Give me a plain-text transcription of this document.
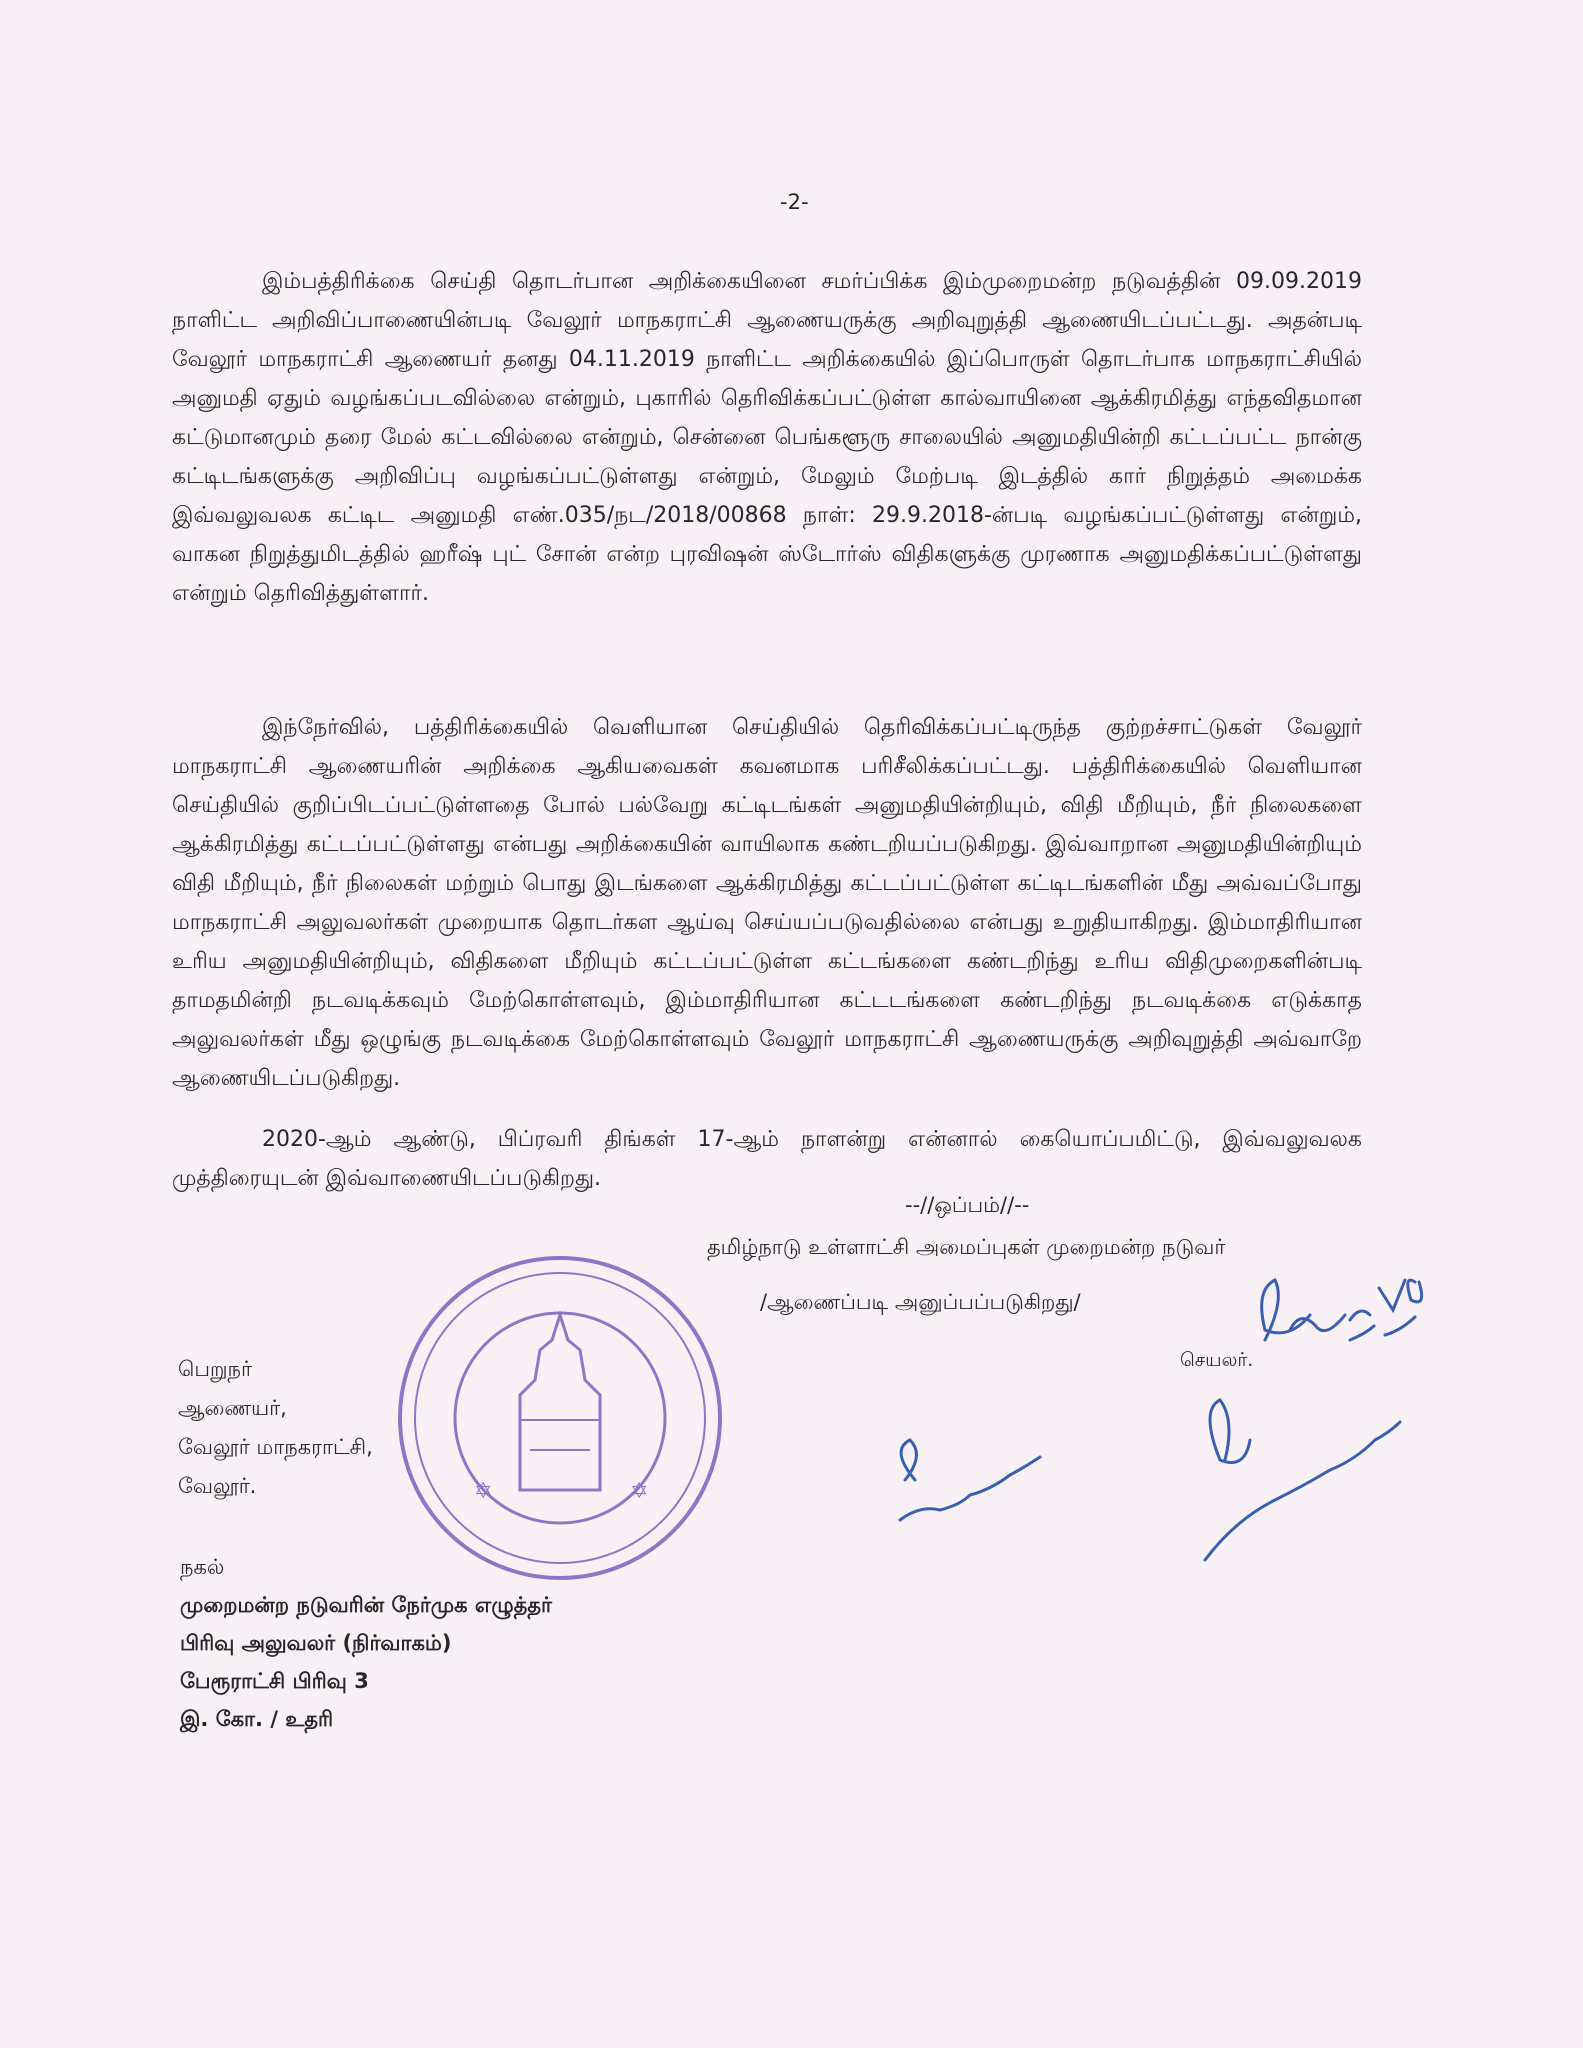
-2-

இம்பத்திரிக்கை செய்தி தொடர்பான அறிக்கையினை சமர்ப்பிக்க இம்முறைமன்ற நடுவத்தின் 09.09.2019 நாளிட்ட அறிவிப்பாணையின்படி வேலூர் மாநகராட்சி ஆணையருக்கு அறிவுறுத்தி ஆணையிடப்பட்டது. அதன்படி வேலூர் மாநகராட்சி ஆணையர் தனது 04.11.2019 நாளிட்ட அறிக்கையில் இப்பொருள் தொடர்பாக மாநகராட்சியில் அனுமதி ஏதும் வழங்கப்படவில்லை என்றும், புகாரில் தெரிவிக்கப்பட்டுள்ள கால்வாயினை ஆக்கிரமித்து எந்தவிதமான கட்டுமானமும் தரை மேல் கட்டவில்லை என்றும், சென்னை பெங்களூரு சாலையில் அனுமதியின்றி கட்டப்பட்ட நான்கு கட்டிடங்களுக்கு அறிவிப்பு வழங்கப்பட்டுள்ளது என்றும், மேலும் மேற்படி இடத்தில் கார் நிறுத்தம் அமைக்க இவ்வலுவலக கட்டிட அனுமதி எண்.035/நட/2018/00868 நாள்: 29.9.2018-ன்படி வழங்கப்பட்டுள்ளது என்றும், வாகன நிறுத்துமிடத்தில் ஹரீஷ் புட் சோன் என்ற புரவிஷன் ஸ்டோர்ஸ் விதிகளுக்கு முரணாக அனுமதிக்கப்பட்டுள்ளது என்றும் தெரிவித்துள்ளார்.

இந்நேர்வில், பத்திரிக்கையில் வெளியான செய்தியில் தெரிவிக்கப்பட்டிருந்த குற்றச்சாட்டுகள் வேலூர் மாநகராட்சி ஆணையரின் அறிக்கை ஆகியவைகள் கவனமாக பரிசீலிக்கப்பட்டது. பத்திரிக்கையில் வெளியான செய்தியில் குறிப்பிடப்பட்டுள்ளதை போல் பல்வேறு கட்டிடங்கள் அனுமதியின்றியும், விதி மீறியும், நீர் நிலைகளை ஆக்கிரமித்து கட்டப்பட்டுள்ளது என்பது அறிக்கையின் வாயிலாக கண்டறியப்படுகிறது. இவ்வாறான அனுமதியின்றியும் விதி மீறியும், நீர் நிலைகள் மற்றும் பொது இடங்களை ஆக்கிரமித்து கட்டப்பட்டுள்ள கட்டிடங்களின் மீது அவ்வப்போது மாநகராட்சி அலுவலர்கள் முறையாக தொடர்கள ஆய்வு செய்யப்படுவதில்லை என்பது உறுதியாகிறது. இம்மாதிரியான உரிய அனுமதியின்றியும், விதிகளை மீறியும் கட்டப்பட்டுள்ள கட்டங்களை கண்டறிந்து உரிய விதிமுறைகளின்படி தாமதமின்றி நடவடிக்கவும் மேற்கொள்ளவும், இம்மாதிரியான கட்டடங்களை கண்டறிந்து நடவடிக்கை எடுக்காத அலுவலர்கள் மீது ஒழுங்கு நடவடிக்கை மேற்கொள்ளவும் வேலூர் மாநகராட்சி ஆணையருக்கு அறிவுறுத்தி அவ்வாறே ஆணையிடப்படுகிறது.

2020-ஆம் ஆண்டு, பிப்ரவரி திங்கள் 17-ஆம் நாளன்று என்னால் கையொப்பமிட்டு, இவ்வலுவலக முத்திரையுடன் இவ்வாணையிடப்படுகிறது.

--//ஒப்பம்//--
தமிழ்நாடு உள்ளாட்சி அமைப்புகள் முறைமன்ற நடுவர்
/ஆணைப்படி அனுப்பப்படுகிறது/
செயலர்.
பெறுநர்
ஆணையர்,
வேலூர் மாநகராட்சி,
வேலூர்.
நகல்
முறைமன்ற நடுவரின் நேர்முக எழுத்தர்
பிரிவு அலுவலர் (நிர்வாகம்)
பேரூராட்சி பிரிவு 3
இ. கோ. / உதரி
✡	✡
